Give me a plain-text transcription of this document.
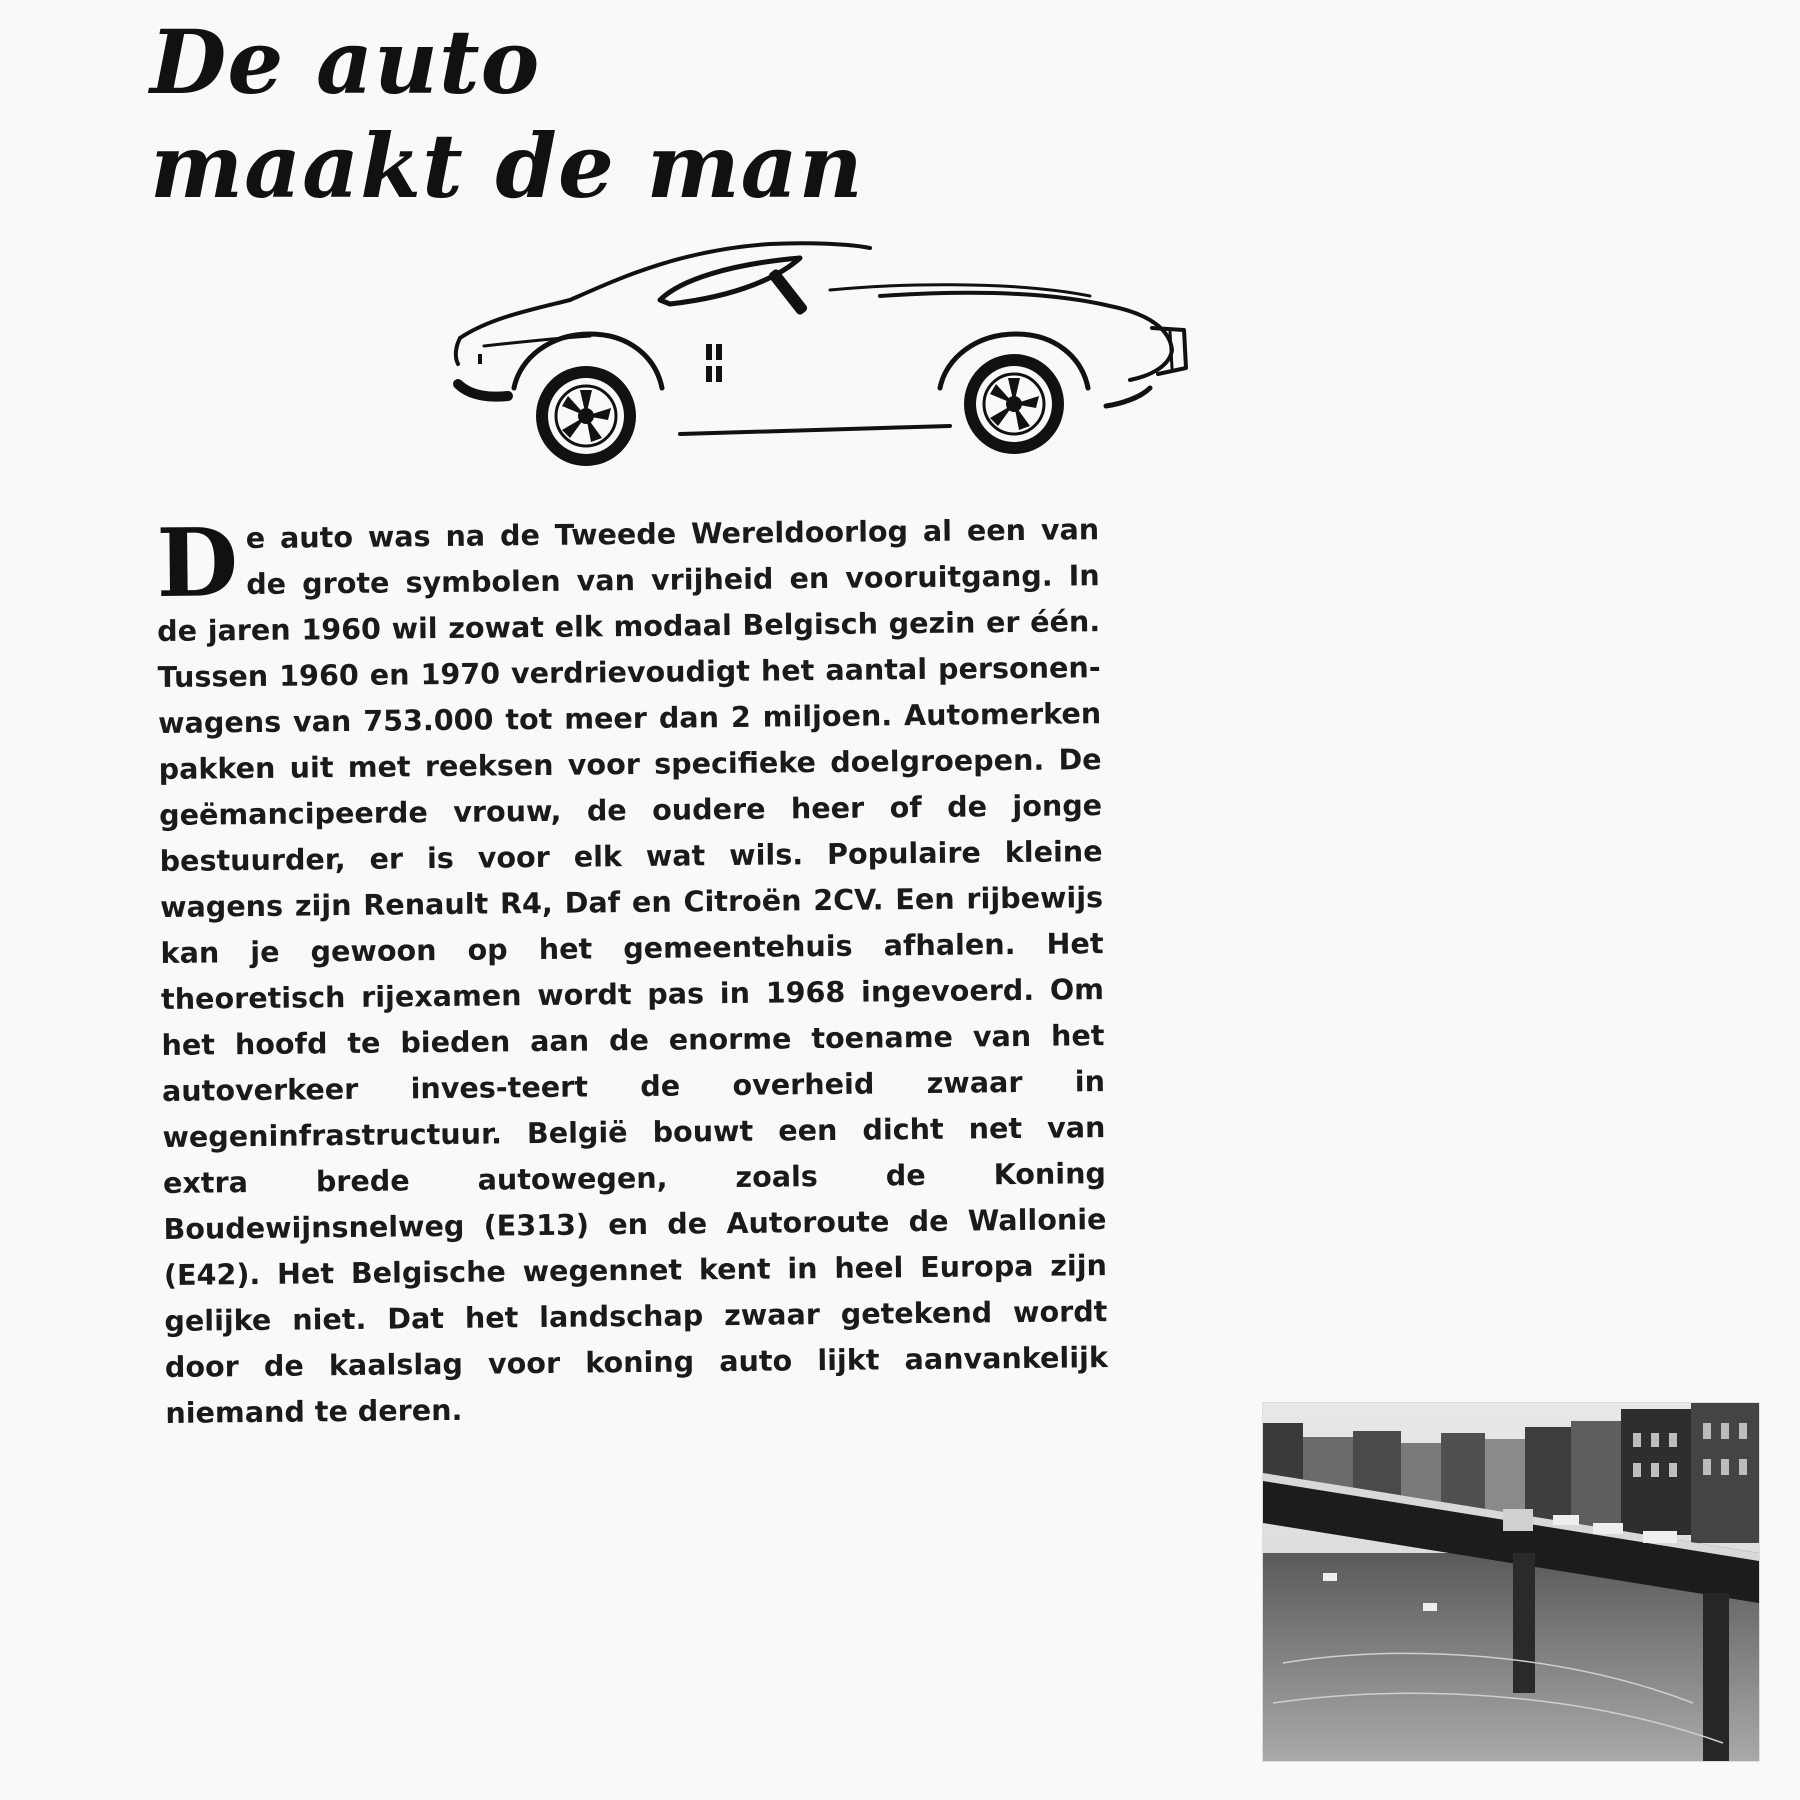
De auto
maakt de man

De auto was na de Tweede Wereldoorlog al een van de grote symbolen van vrijheid en vooruitgang. In de jaren 1960 wil zowat elk modaal Belgisch gezin er één. Tussen 1960 en 1970 verdrievoudigt het aantal personen-wagens van 753.000 tot meer dan 2 miljoen. Automerken pakken uit met reeksen voor specifieke doelgroepen. De geëmancipeerde vrouw, de oudere heer of de jonge bestuurder, er is voor elk wat wils. Populaire kleine wagens zijn Renault R4, Daf en Citroën 2CV. Een rijbewijs kan je gewoon op het gemeentehuis afhalen. Het theoretisch rijexamen wordt pas in 1968 ingevoerd. Om het hoofd te bieden aan de enorme toename van het autoverkeer inves-teert de overheid zwaar in wegeninfrastructuur. België bouwt een dicht net van extra brede autowegen, zoals de Koning Boudewijnsnelweg (E313) en de Autoroute de Wallonie (E42). Het Belgische wegennet kent in heel Europa zijn gelijke niet. Dat het landschap zwaar getekend wordt door de kaalslag voor koning auto lijkt aanvankelijk niemand te deren.
